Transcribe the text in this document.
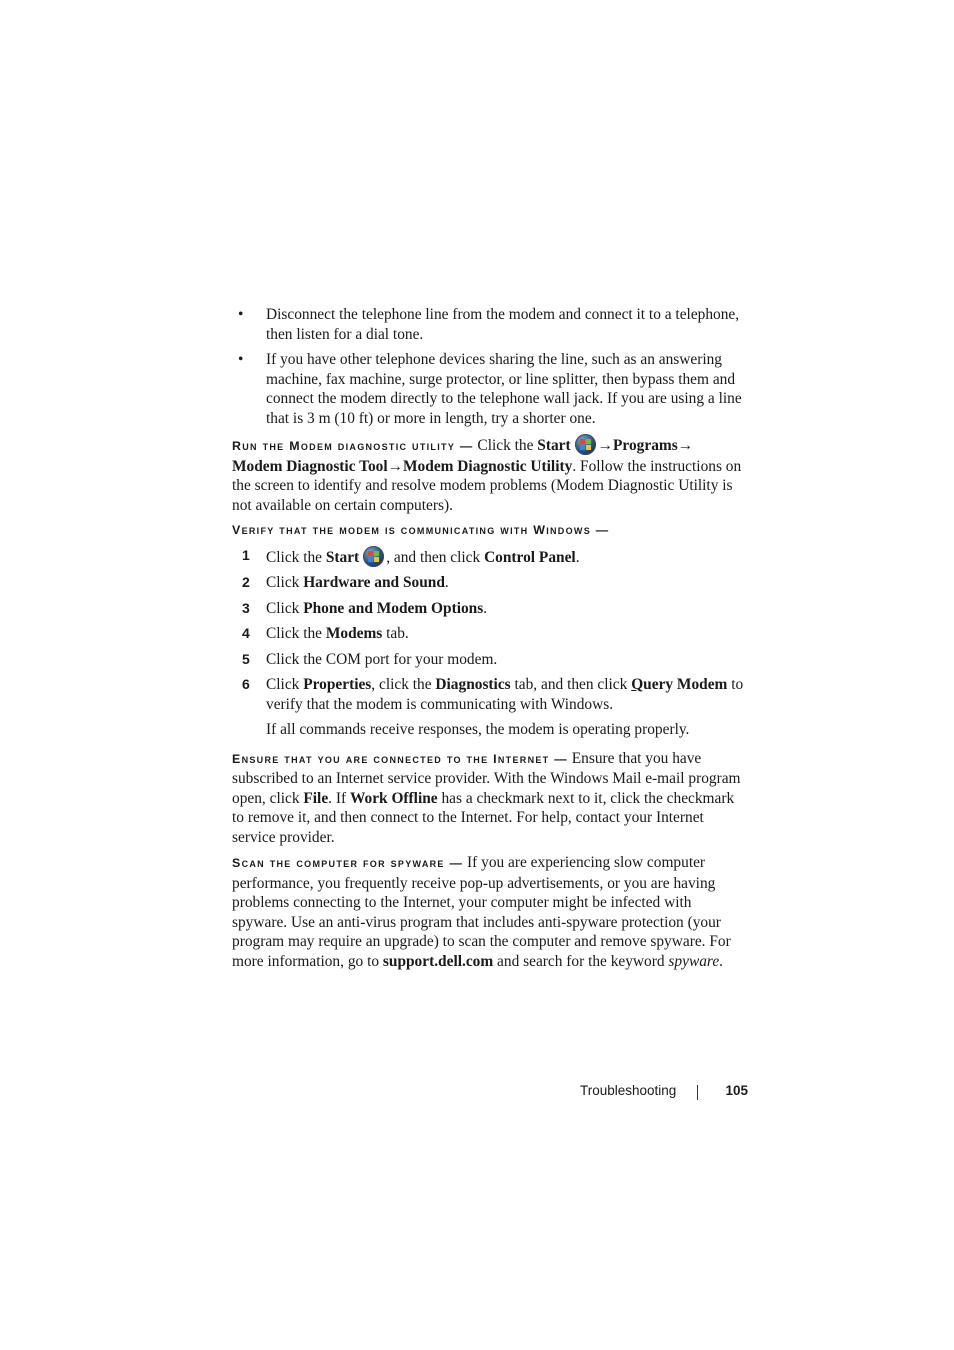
• Disconnect the telephone line from the modem and connect it to a telephone, then listen for a dial tone.
• If you have other telephone devices sharing the line, such as an answering machine, fax machine, surge protector, or line splitter, then bypass them and connect the modem directly to the telephone wall jack. If you are using a line that is 3 m (10 ft) or more in length, try a shorter one.

Run the Modem diagnostic utility — Click the Start →Programs→ Modem Diagnostic Tool→Modem Diagnostic Utility. Follow the instructions on the screen to identify and resolve modem problems (Modem Diagnostic Utility is not available on certain computers).

Verify that the modem is communicating with Windows —

1 Click the Start , and then click Control Panel.
2 Click Hardware and Sound.
3 Click Phone and Modem Options.
4 Click the Modems tab.
5 Click the COM port for your modem.
6 Click Properties, click the Diagnostics tab, and then click Query Modem to verify that the modem is communicating with Windows.

If all commands receive responses, the modem is operating properly.

Ensure that you are connected to the Internet — Ensure that you have subscribed to an Internet service provider. With the Windows Mail e-mail program open, click File. If Work Offline has a checkmark next to it, click the checkmark to remove it, and then connect to the Internet. For help, contact your Internet service provider.

Scan the computer for spyware — If you are experiencing slow computer performance, you frequently receive pop-up advertisements, or you are having problems connecting to the Internet, your computer might be infected with spyware. Use an anti-virus program that includes anti-spyware protection (your program may require an upgrade) to scan the computer and remove spyware. For more information, go to support.dell.com and search for the keyword spyware.

Troubleshooting	105
